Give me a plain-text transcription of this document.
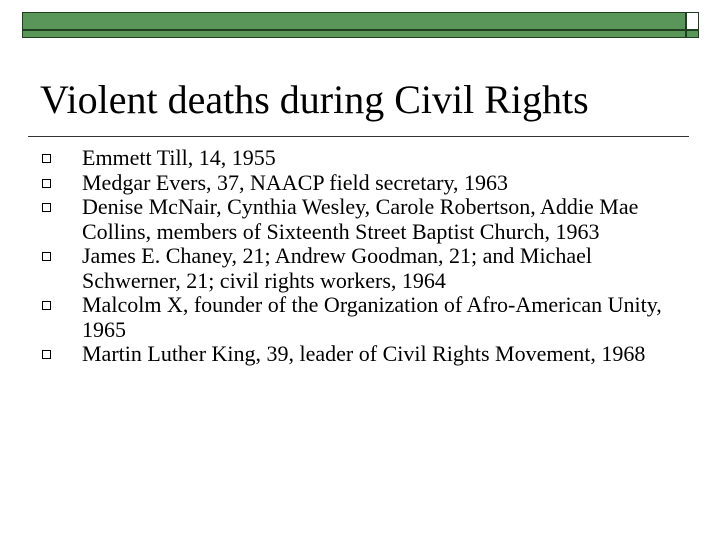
Violent deaths during Civil Rights
Emmett Till, 14, 1955
Medgar Evers, 37, NAACP field secretary, 1963
Denise McNair, Cynthia Wesley, Carole Robertson, Addie Mae Collins, members of Sixteenth Street Baptist Church, 1963
James E. Chaney, 21; Andrew Goodman, 21; and Michael Schwerner, 21; civil rights workers, 1964
Malcolm X, founder of the Organization of Afro-American Unity, 1965
Martin Luther King, 39, leader of Civil Rights Movement, 1968
